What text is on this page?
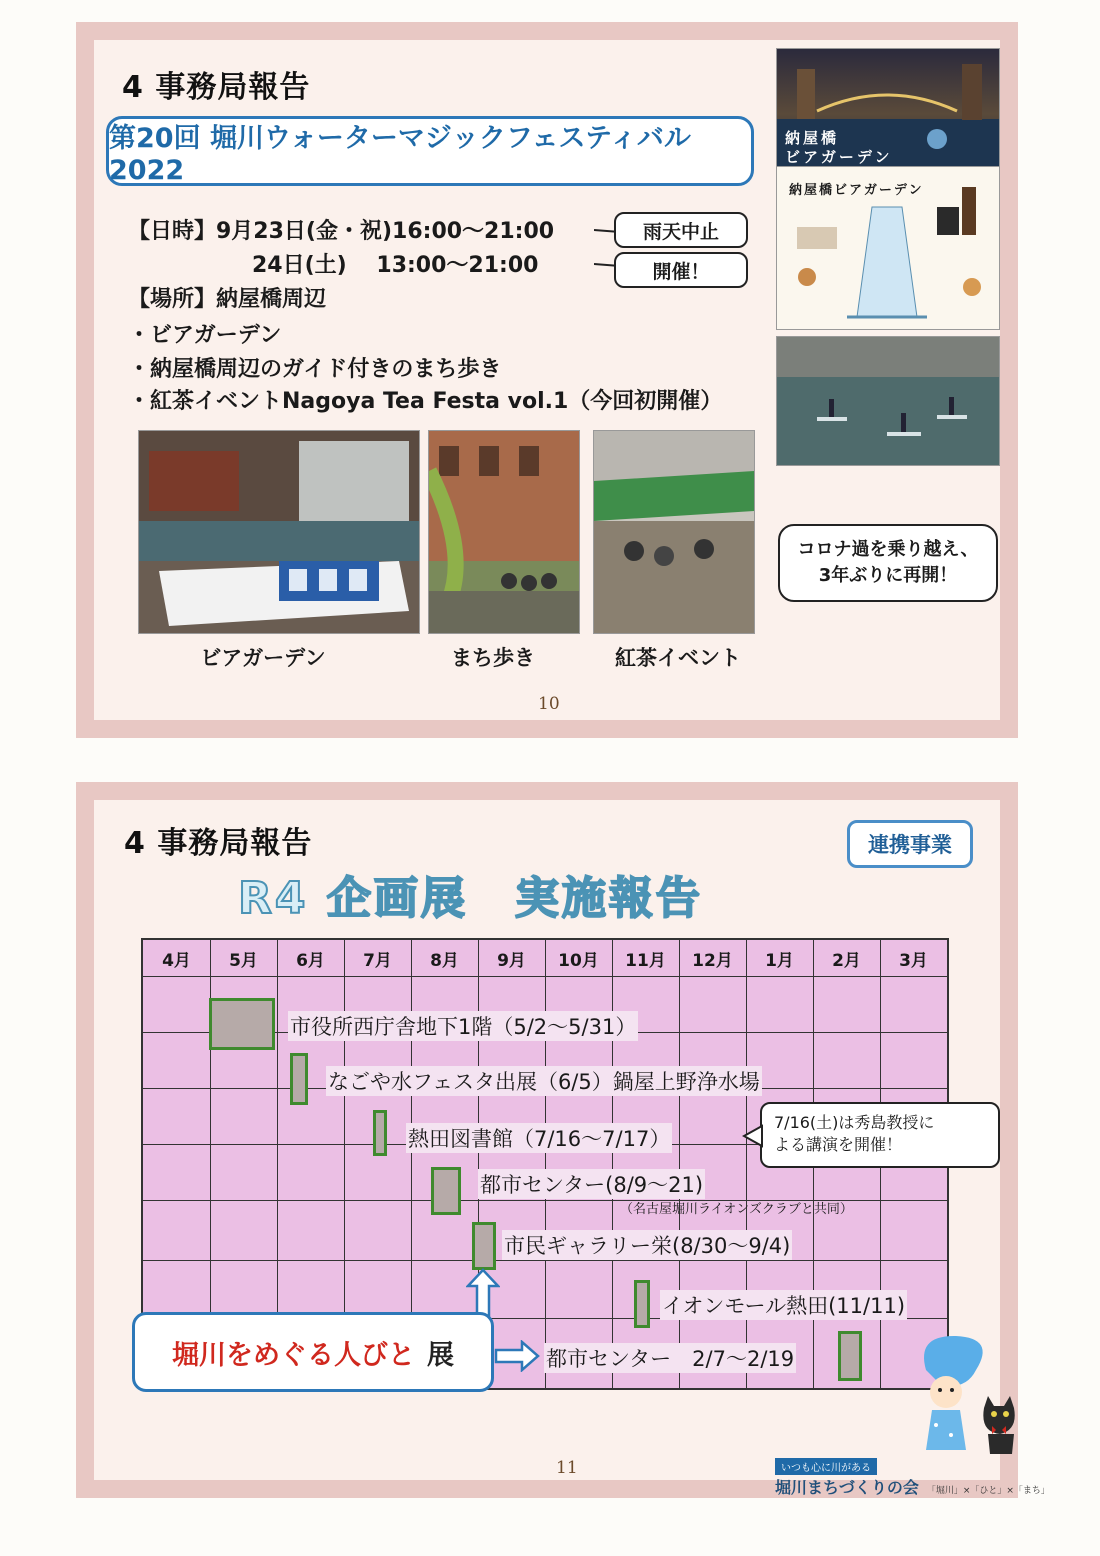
4 事務局報告
第20回 堀川ウォーターマジックフェスティバル2022
【日時】9月23日(金・祝)16:00〜21:00
24日(土)　 13:00〜21:00
【場所】納屋橋周辺
・ビアガーデン
・納屋橋周辺のガイド付きのまち歩き
・紅茶イベントNagoya Tea Festa vol.1（今回初開催）
雨天中止
開催！
納屋橋
ビアガーデン
納屋橋ビアガーデン
ビアガーデン	まち歩き	紅茶イベント
コロナ過を乗り越え、
3年ぶりに再開！
10
4 事務局報告	連携事業
R4 企画展　実施報告
4月	5月	6月	7月	8月	9月	10月	11月	12月	1月	2月	3月
市役所西庁舎地下1階（5/2〜5/31）
なごや水フェスタ出展（6/5）鍋屋上野浄水場
熱田図書館（7/16〜7/17）
都市センター(8/9〜21)
（名古屋堀川ライオンズクラブと共同）
市民ギャラリー栄(8/30〜9/4)
イオンモール熱田(11/11)
都市センター　2/7〜2/19
7/16(土)は秀島教授に
よる講演を開催！
堀川をめぐる人びと 展
11	いつも心に川がある
堀川まちづくりの会 「堀川」×「ひと」×「まち」
